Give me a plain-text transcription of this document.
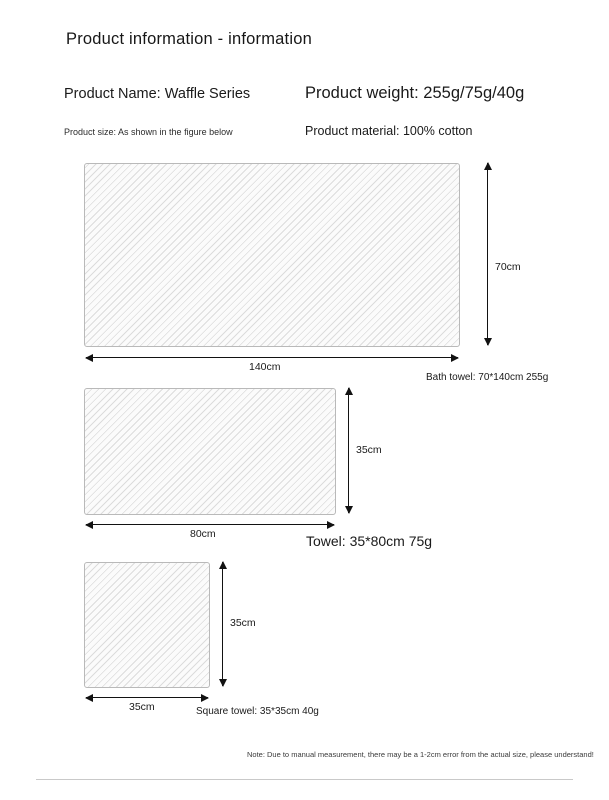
Product information - information
Product Name: Waffle Series	Product weight: 255g/75g/40g
Product size: As shown in the figure below	Product material: 100% cotton
70cm
140cm
Bath towel: 70*140cm 255g
35cm
80cm	Towel: 35*80cm 75g
35cm
35cm	Square towel: 35*35cm 40g
Note: Due to manual measurement, there may be a 1-2cm error from the actual size, please understand!
